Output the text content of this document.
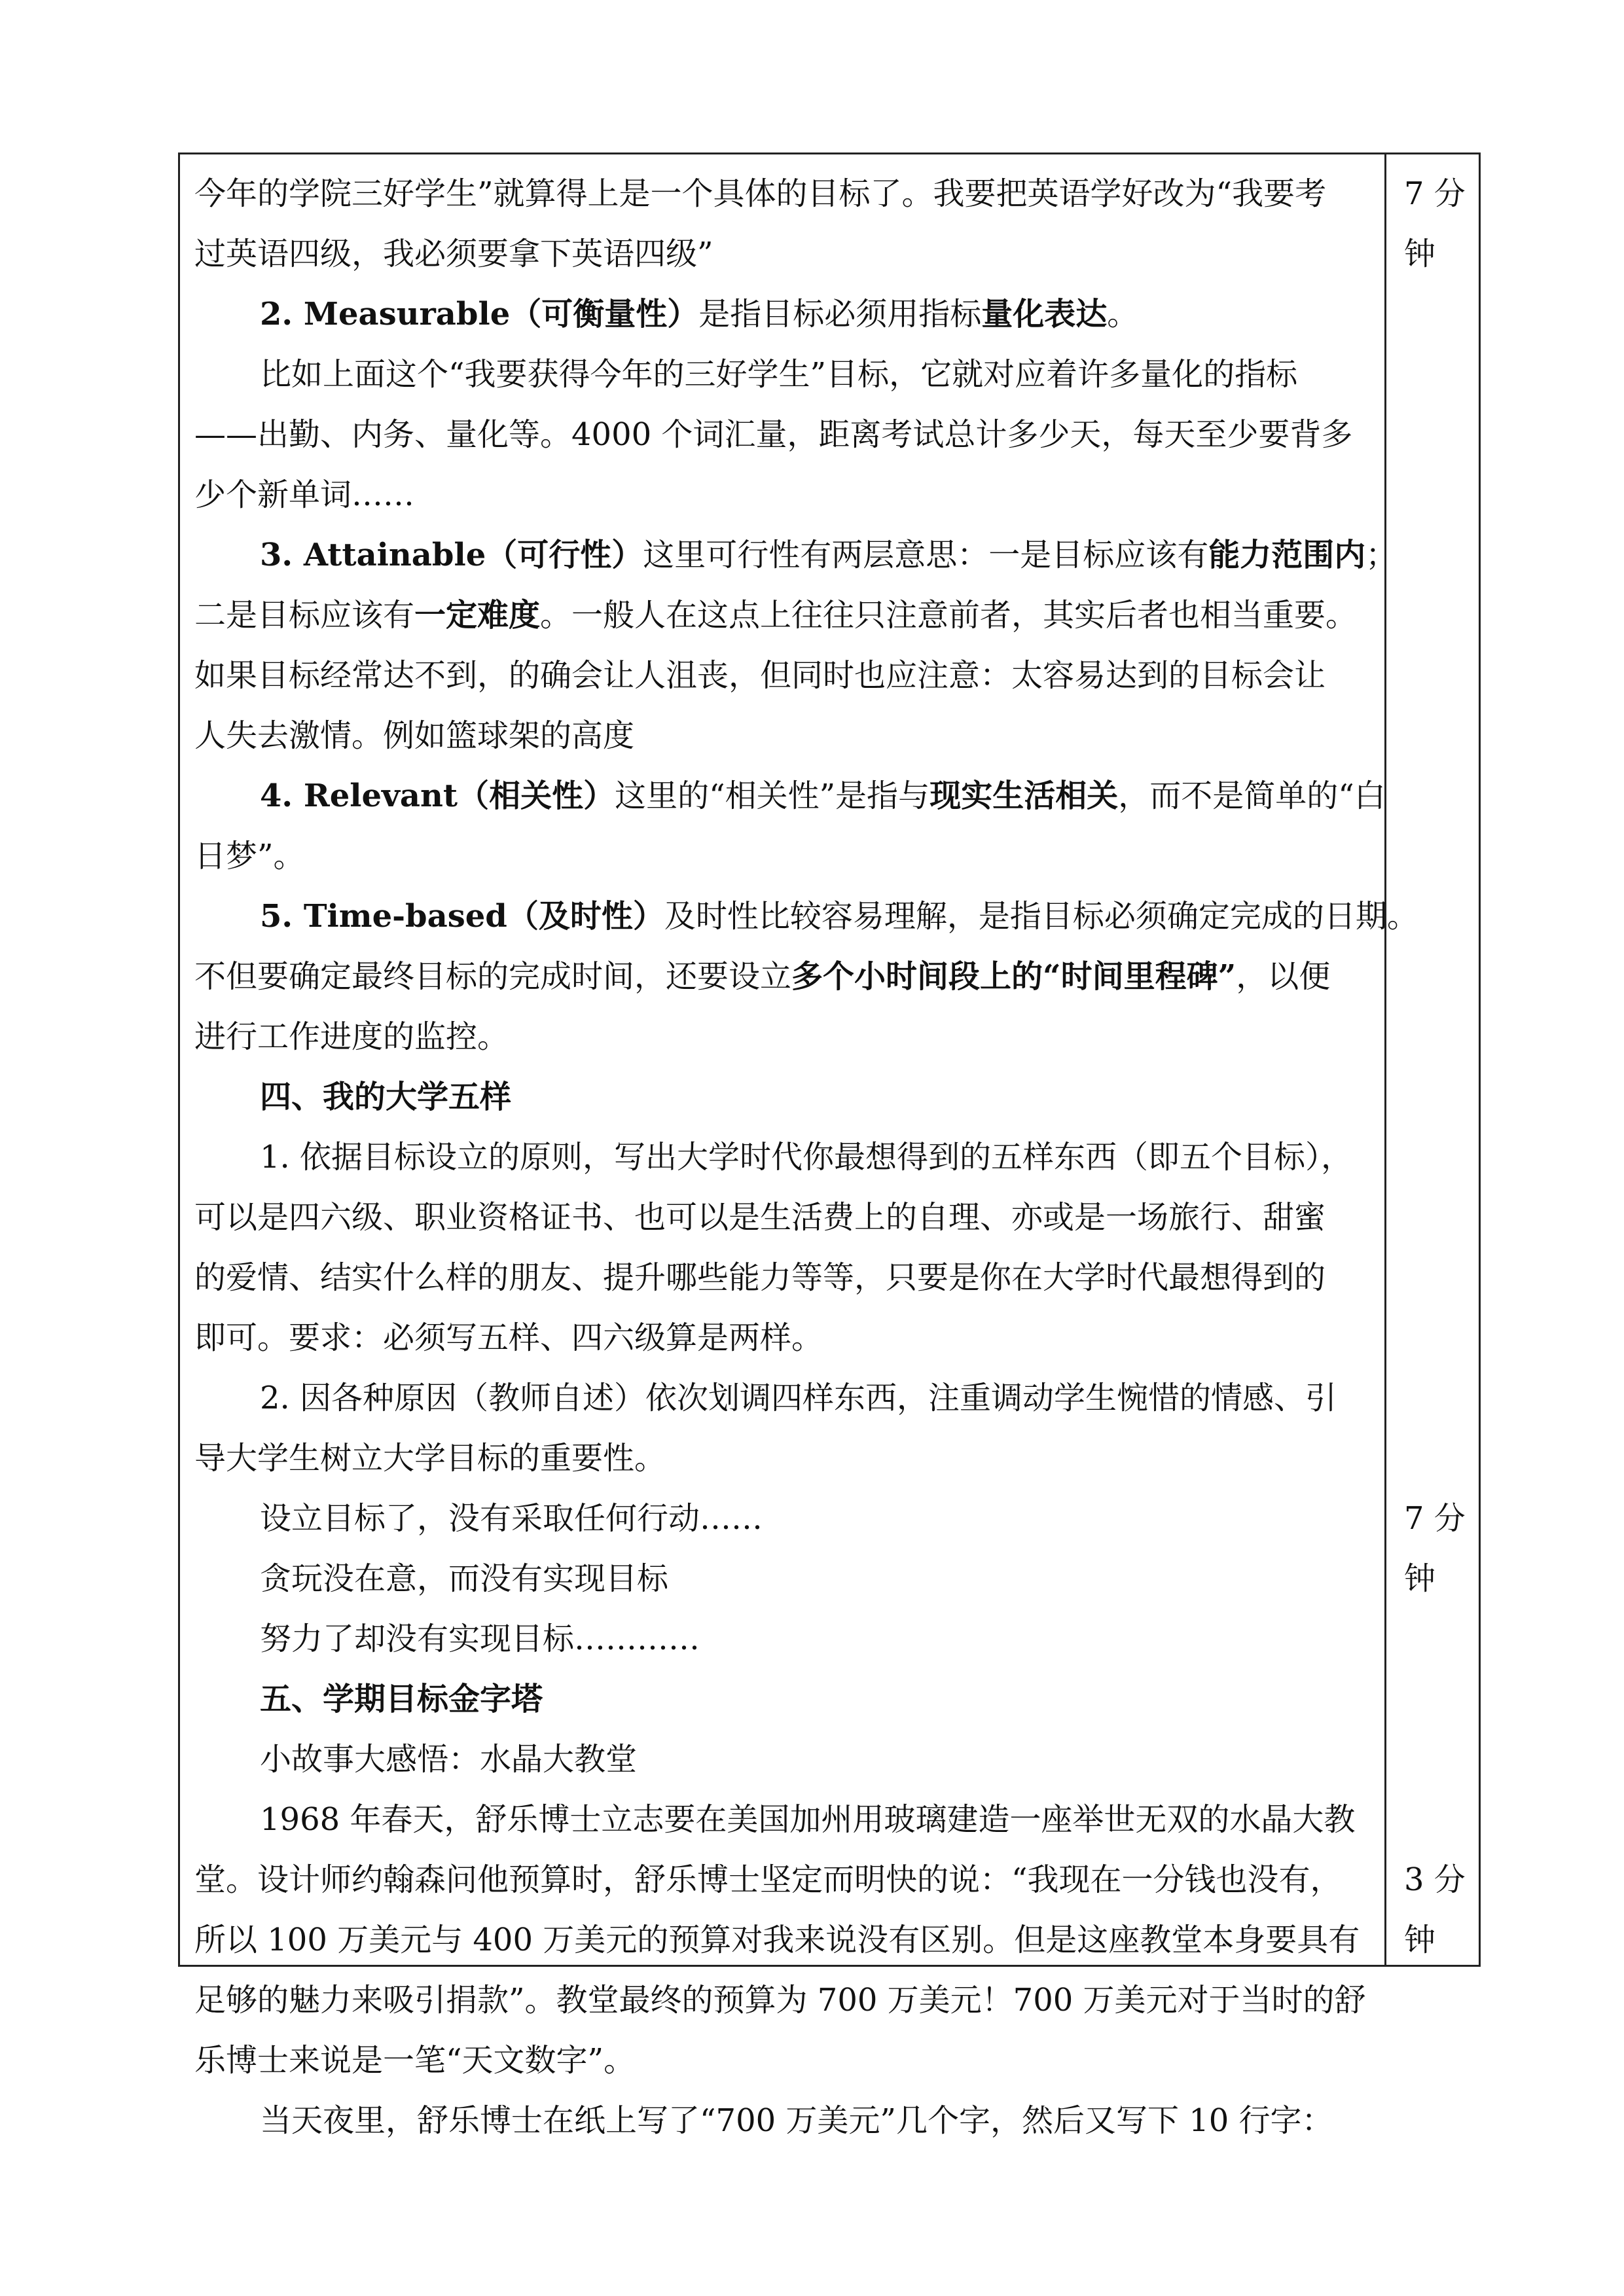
今年的学院三好学生”就算得上是一个具体的目标了。我要把英语学好改为“我要考
过英语四级，我必须要拿下英语四级”
2. Measurable（可衡量性）是指目标必须用指标量化表达。
比如上面这个“我要获得今年的三好学生”目标，它就对应着许多量化的指标
——出勤、内务、量化等。4000 个词汇量，距离考试总计多少天，每天至少要背多
少个新单词……
3. Attainable（可行性）这里可行性有两层意思：一是目标应该有能力范围内；
二是目标应该有一定难度。一般人在这点上往往只注意前者，其实后者也相当重要。
如果目标经常达不到，的确会让人沮丧，但同时也应注意：太容易达到的目标会让
人失去激情。例如篮球架的高度
4. Relevant（相关性）这里的“相关性”是指与现实生活相关，而不是简单的“白
日梦”。
5. Time-based（及时性）及时性比较容易理解，是指目标必须确定完成的日期。
不但要确定最终目标的完成时间，还要设立多个小时间段上的“时间里程碑”，以便
进行工作进度的监控。
四、我的大学五样
1. 依据目标设立的原则，写出大学时代你最想得到的五样东西（即五个目标），
可以是四六级、职业资格证书、也可以是生活费上的自理、亦或是一场旅行、甜蜜
的爱情、结实什么样的朋友、提升哪些能力等等，只要是你在大学时代最想得到的
即可。要求：必须写五样、四六级算是两样。
2. 因各种原因（教师自述）依次划调四样东西，注重调动学生惋惜的情感、引
导大学生树立大学目标的重要性。
设立目标了，没有采取任何行动……
贪玩没在意，而没有实现目标
努力了却没有实现目标…………
五、学期目标金字塔
小故事大感悟：水晶大教堂
1968 年春天，舒乐博士立志要在美国加州用玻璃建造一座举世无双的水晶大教
堂。设计师约翰森问他预算时，舒乐博士坚定而明快的说：“我现在一分钱也没有，
所以 100 万美元与 400 万美元的预算对我来说没有区别。但是这座教堂本身要具有
足够的魅力来吸引捐款”。教堂最终的预算为 700 万美元！700 万美元对于当时的舒
乐博士来说是一笔“天文数字”。
当天夜里，舒乐博士在纸上写了“700 万美元”几个字，然后又写下 10 行字：
7 分
钟
7 分
钟
3 分
钟
